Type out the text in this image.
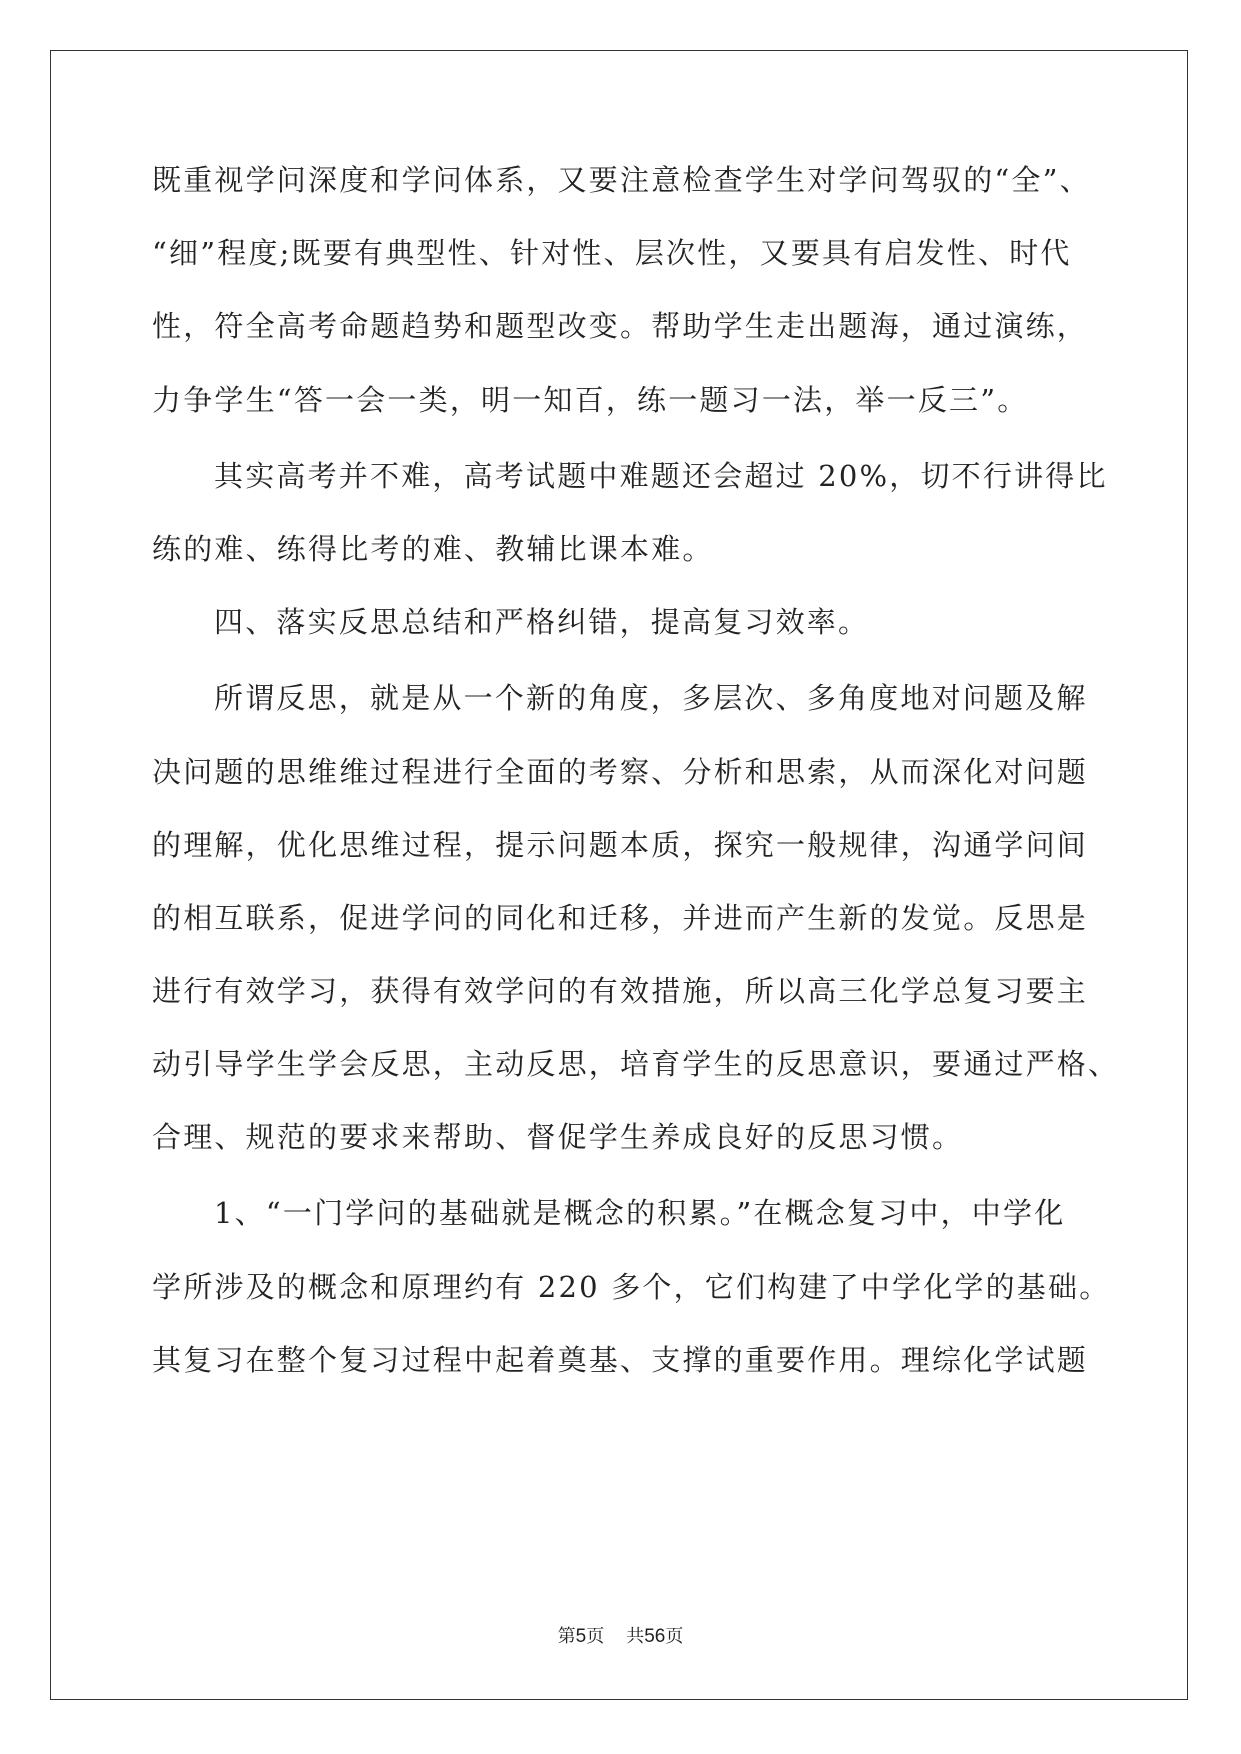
既重视学问深度和学问体系，又要注意检查学生对学问驾驭的“全”、
“细”程度;既要有典型性、针对性、层次性，又要具有启发性、时代
性，符全高考命题趋势和题型改变。帮助学生走出题海，通过演练，
力争学生“答一会一类，明一知百，练一题习一法，举一反三”。
其实高考并不难，高考试题中难题还会超过 20%，切不行讲得比
练的难、练得比考的难、教辅比课本难。
四、落实反思总结和严格纠错，提高复习效率。
所谓反思，就是从一个新的角度，多层次、多角度地对问题及解
决问题的思维维过程进行全面的考察、分析和思索，从而深化对问题
的理解，优化思维过程，提示问题本质，探究一般规律，沟通学问间
的相互联系，促进学问的同化和迁移，并进而产生新的发觉。反思是
进行有效学习，获得有效学问的有效措施，所以高三化学总复习要主
动引导学生学会反思，主动反思，培育学生的反思意识，要通过严格、
合理、规范的要求来帮助、督促学生养成良好的反思习惯。
1、“一门学问的基础就是概念的积累。”在概念复习中，中学化
学所涉及的概念和原理约有 220 多个，它们构建了中学化学的基础。
其复习在整个复习过程中起着奠基、支撑的重要作用。理综化学试题
第5页 共56页
